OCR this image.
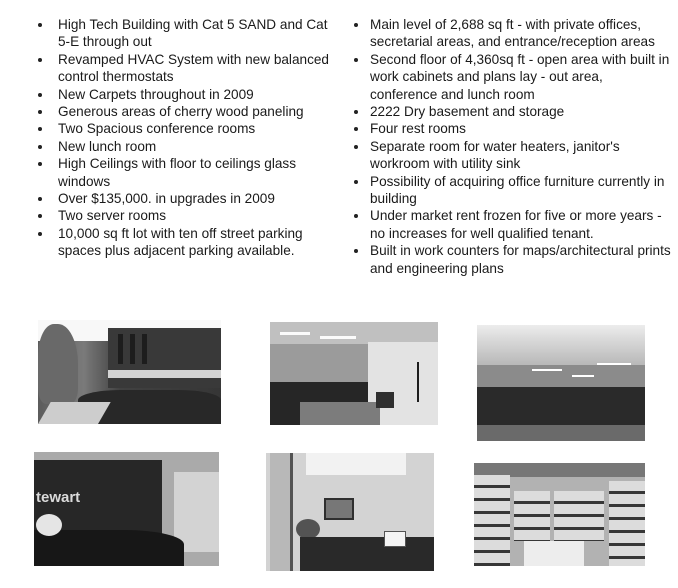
High Tech Building with Cat 5 SAND and Cat 5-E through out
Revamped HVAC System with new balanced control thermostats
New Carpets throughout in 2009
Generous areas of cherry wood paneling
Two Spacious conference rooms
New lunch room
High Ceilings with floor to ceilings glass windows
Over $135,000. in upgrades in 2009
Two server rooms
10,000 sq ft lot with ten off street parking spaces plus adjacent parking available.
Main level of 2,688 sq ft - with private offices, secretarial areas, and entrance/reception areas
Second floor of 4,360sq ft - open area with built in work cabinets and plans lay - out area, conference and lunch room
2222 Dry basement and storage
Four rest rooms
Separate room for water heaters, janitor's workroom with utility sink
Possibility of acquiring office furniture currently in building
Under market rent frozen for five or more years - no increases for well qualified tenant.
Built in work counters for maps/architectural prints and engineering plans
tewart
